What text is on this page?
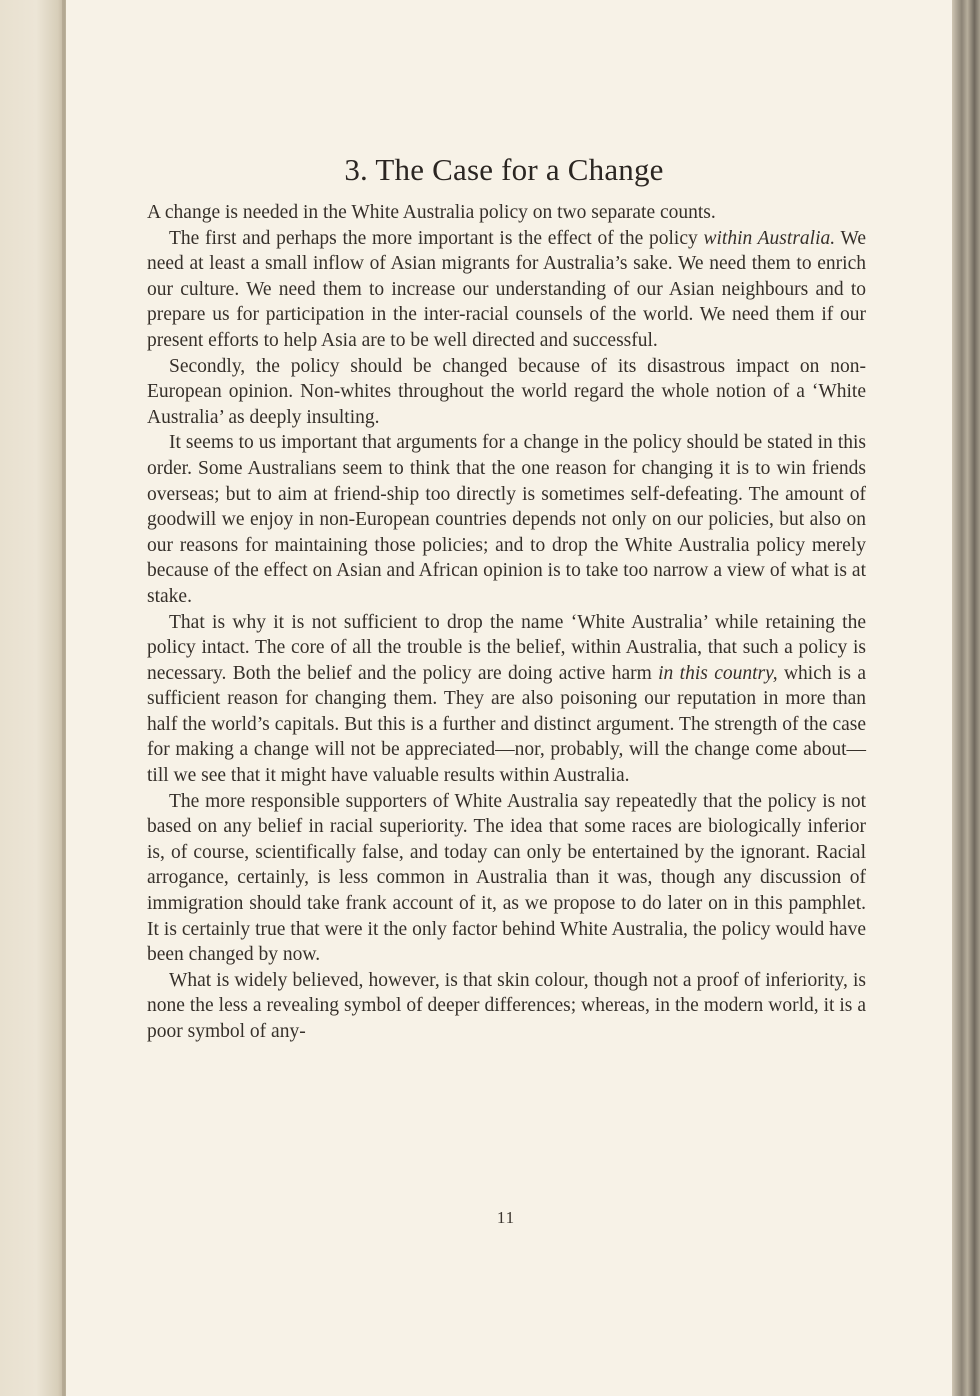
3. The Case for a Change

A change is needed in the White Australia policy on two separate counts.

The first and perhaps the more important is the effect of the policy within Australia. We need at least a small inflow of Asian migrants for Australia’s sake. We need them to enrich our culture. We need them to increase our understanding of our Asian neighbours and to prepare us for participation in the inter-racial counsels of the world. We need them if our present efforts to help Asia are to be well directed and successful.

Secondly, the policy should be changed because of its disastrous impact on non-European opinion. Non-whites throughout the world regard the whole notion of a ‘White Australia’ as deeply insulting.

It seems to us important that arguments for a change in the policy should be stated in this order. Some Australians seem to think that the one reason for changing it is to win friends overseas; but to aim at friend-ship too directly is sometimes self-defeating. The amount of goodwill we enjoy in non-European countries depends not only on our policies, but also on our reasons for maintaining those policies; and to drop the White Australia policy merely because of the effect on Asian and African opinion is to take too narrow a view of what is at stake.

That is why it is not sufficient to drop the name ‘White Australia’ while retaining the policy intact. The core of all the trouble is the belief, within Australia, that such a policy is necessary. Both the belief and the policy are doing active harm in this country, which is a sufficient reason for changing them. They are also poisoning our reputation in more than half the world’s capitals. But this is a further and distinct argument. The strength of the case for making a change will not be appreciated—nor, probably, will the change come about—till we see that it might have valuable results within Australia.

The more responsible supporters of White Australia say repeatedly that the policy is not based on any belief in racial superiority. The idea that some races are biologically inferior is, of course, scientifically false, and today can only be entertained by the ignorant. Racial arrogance, certainly, is less common in Australia than it was, though any discussion of immigration should take frank account of it, as we propose to do later on in this pamphlet. It is certainly true that were it the only factor behind White Australia, the policy would have been changed by now.

What is widely believed, however, is that skin colour, though not a proof of inferiority, is none the less a revealing symbol of deeper differences; whereas, in the modern world, it is a poor symbol of any-

11
